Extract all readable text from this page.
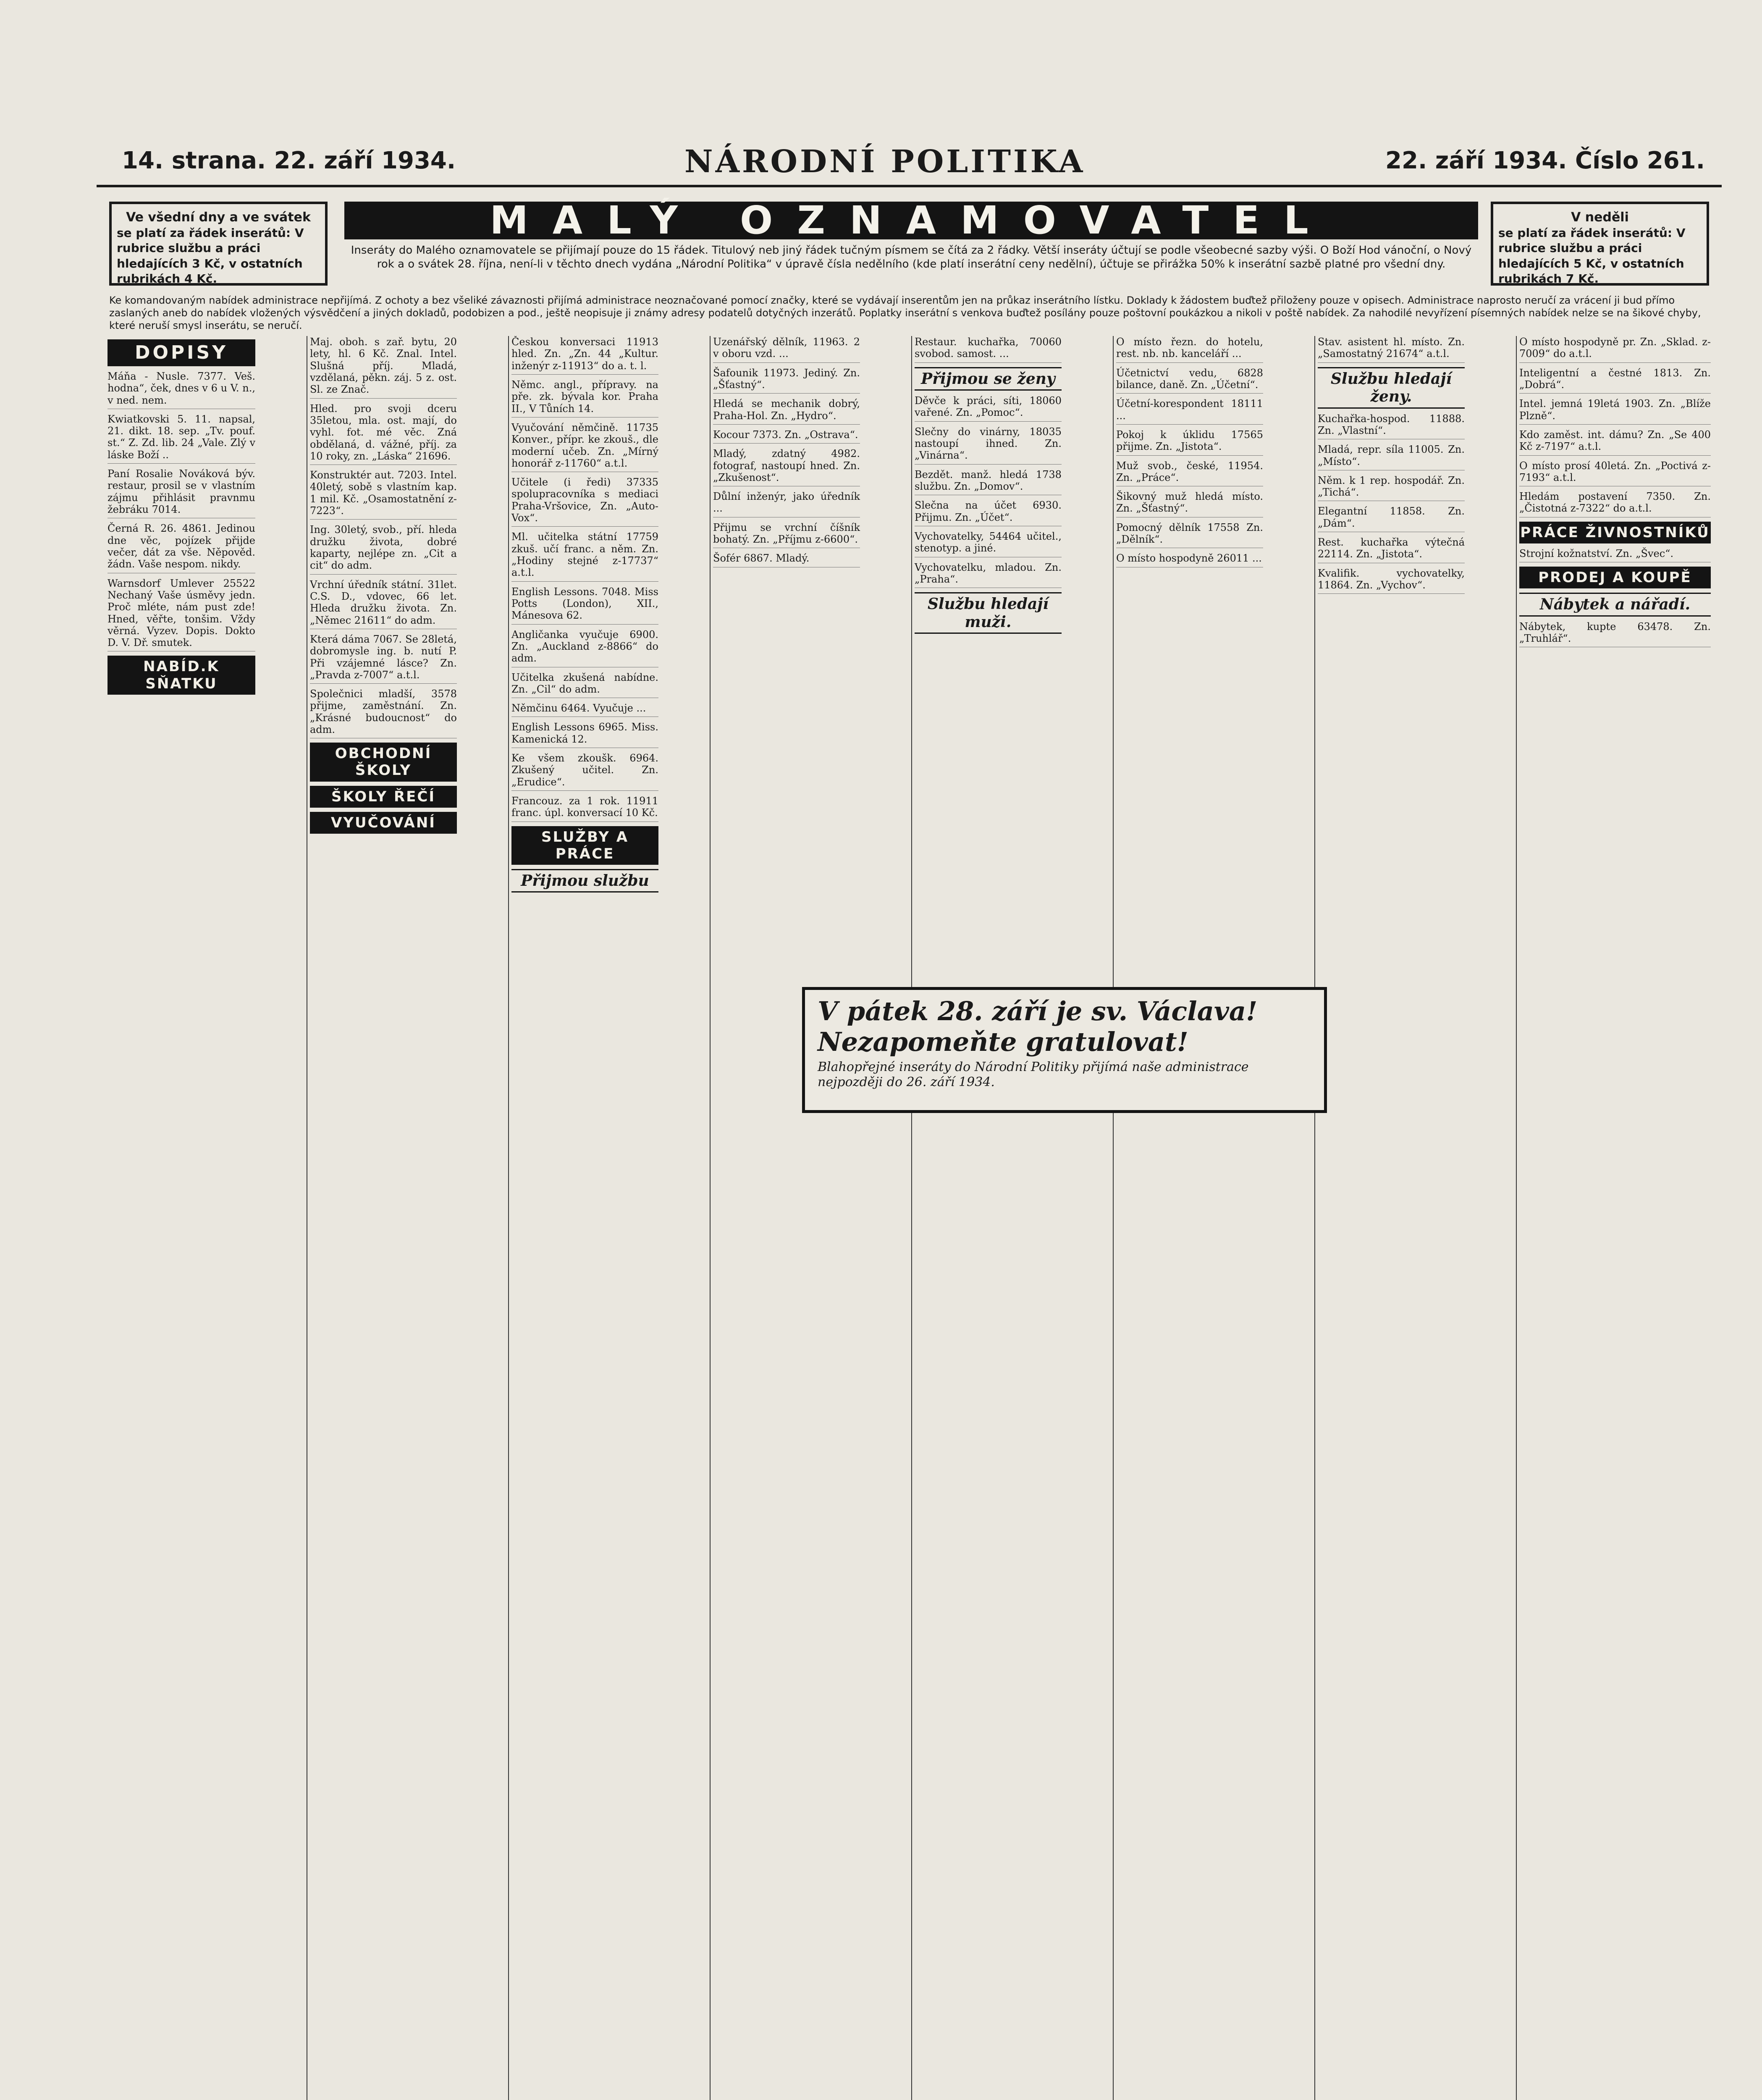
14. strana. 22. září 1934.	NÁRODNÍ POLITIKA	22. září 1934. Číslo 261.
Ve všední dny a ve svátek
se platí za řádek inserátů: V rubrice službu a práci hledajících 3 Kč, v ostatních rubrikách 4 Kč.
MALÝ OZNAMOVATEL
Inseráty do Malého oznamovatele se přijímají pouze do 15 řádek. Titulový neb jiný řádek tučným písmem se čítá za 2 řádky. Větší inseráty účtují se podle všeobecné sazby výši. O Boží Hod vánoční, o Nový rok a o svátek 28. října, není-li v těchto dnech vydána „Národní Politika“ v úpravě čísla nedělního (kde platí inserátní ceny nedělní), účtuje se přirážka 50% k inserátní sazbě platné pro všední dny.
V neděli
se platí za řádek inserátů: V rubrice službu a práci hledajících 5 Kč, v ostatních rubrikách 7 Kč.
Ke komandovaným nabídek administrace nepřijímá. Z ochoty a bez všeliké závaznosti přijímá administrace neoznačované pomocí značky, které se vydávají inserentům jen na průkaz inserátního lístku. Doklady k žádostem buďtež přiloženy pouze v opisech. Administrace naprosto neručí za vrácení ji bud přímo zaslaných aneb do nabídek vložených výsvědčení a jiných dokladů, podobizen a pod., ještě neopisuje ji známy adresy podatelů dotyčných inzerátů. Poplatky inserátní s venkova buďtež posílány pouze poštovní poukázkou a nikoli v poště nabídek. Za nahodilé nevyřízení písemných nabídek nelze se na šikové chyby, které neruší smysl inserátu, se neručí.
DOPISY
Máňa - Nusle. 7377. Veš. hodna“, ček, dnes v 6 u V. n., v ned. nem.
Kwiatkovski 5. 11. napsal, 21. dikt. 18. sep. „Tv. pouf. st.“ Z. Zd. lib. 24 „Vale. Zlý v láske Boží ..
Paní Rosalie Nováková býv. restaur, prosil se v vlastním zájmu přihlásit pravnmu žebráku 7014.
Černá R. 26. 4861. Jedinou dne věc, pojízek přijde večer, dát za vše. Něpověd. žádn. Vaše nespom. nikdy.
Warnsdorf Umlever 25522 Nechaný Vaše úsměvy jedn. Proč mléte, nám pust zde! Hned, věřte, tonšim. Vždy věrná. Vyzev. Dopis. Dokto D. V. Dř. smutek.
NABÍD.K SŇATKU
Maj. oboh. s zař. bytu, 20 lety, hl. 6 Kč. Znal. Intel. Slušná příj. Mladá, vzdělaná, pěkn. záj. 5 z. ost. Sl. ze Znač.
Hled. pro svoji dceru 35letou, mla. ost. mají, do vyhl. fot. mé věc. Zná obdělaná, d. vážné, příj. za 10 roky, zn. „Láska“ 21696.
Konstruktér aut. 7203. Intel. 40letý, sobě s vlastním kap. 1 mil. Kč. „Osamostatnění z-7223“.
Ing. 30letý, svob., pří. hleda družku života, dobré kaparty, nejlépe zn. „Cit a cit“ do adm.
Vrchní úředník státní. 31let. C.S. D., vdovec, 66 let. Hleda družku života. Zn. „Němec 21611“ do adm.
Která dáma 7067. Se 28letá, dobromysle ing. b. nutí P. Při vzájemné lásce? Zn. „Pravda z-7007“ a.t.l.
Společnici mladší, 3578 přijme, zaměstnání. Zn. „Krásné budoucnost“ do adm.
OBCHODNÍ ŠKOLY
ŠKOLY ŘEČÍ
VYUČOVÁNÍ
Českou konversaci 11913 hled. Zn. „Zn. 44 „Kultur. inženýr z-11913“ do a. t. l.
Němc. angl., přípravy. na pře. zk. bývala kor. Praha II., V Tůních 14.
Vyučování němčině. 11735 Konver., přípr. ke zkouš., dle moderní učeb. Zn. „Mírný honorář z-11760“ a.t.l.
Učitele (i ředi) 37335 spolupracovníka s mediaci Praha-Vršovice, Zn. „Auto-Vox“.
Ml. učitelka státní 17759 zkuš. učí franc. a něm. Zn. „Hodiny stejné z-17737“ a.t.l.
English Lessons. 7048. Miss Potts (London), XII., Mánesova 62.
Angličanka vyučuje 6900. Zn. „Auckland z-8866“ do adm.
Učitelka zkušená nabídne. Zn. „Cil“ do adm.
Němčinu 6464. Vyučuje ...
English Lessons 6965. Miss. Kamenická 12.
Ke všem zkoušk. 6964. Zkušený učitel. Zn. „Erudice“.
Francouz. za 1 rok. 11911 franc. úpl. konversací 10 Kč.
SLUŽBY A PRÁCE
Přijmou službu
Uzenářský dělník, 11963. 2 v oboru vzd. ...
Šafounik 11973. Jediný. Zn. „Šťastný“.
Hledá se mechanik dobrý, Praha-Hol. Zn. „Hydro“.
Kocour 7373. Zn. „Ostrava“.
Mladý, zdatný 4982. fotograf, nastoupí hned. Zn. „Zkušenost“.
Důlní inženýr, jako úředník ...
Přijmu se vrchní číšník bohatý. Zn. „Příjmu z-6600“.
Šofér 6867. Mladý.
Restaur. kuchařka, 70060 svobod. samost. ...
Přijmou se ženy
Děvče k práci, síti, 18060 vařené. Zn. „Pomoc“.
Slečny do vinárny, 18035 nastoupí ihned. Zn. „Vinárna“.
Bezdět. manž. hledá 1738 službu. Zn. „Domov“.
Slečna na účet 6930. Přijmu. Zn. „Účet“.
Vychovatelky, 54464 učitel., stenotyp. a jiné.
Vychovatelku, mladou. Zn. „Praha“.
Službu hledají muži.
O místo řezn. do hotelu, rest. nb. nb. kanceláří ...
Účetnictví vedu, 6828 bilance, daně. Zn. „Účetní“.
Účetní-korespondent 18111 ...
Pokoj k úklidu 17565 přijme. Zn. „Jistota“.
Muž svob., české, 11954. Zn. „Práce“.
Šikovný muž hledá místo. Zn. „Šťastný“.
Pomocný dělník 17558 Zn. „Dělník“.
O místo hospodyně 26011 ...
Stav. asistent hl. místo. Zn. „Samostatný 21674“ a.t.l.
Službu hledají ženy.
Kuchařka-hospod. 11888. Zn. „Vlastní“.
Mladá, repr. síla 11005. Zn. „Místo“.
Něm. k 1 rep. hospodář. Zn. „Tichá“.
Elegantní 11858. Zn. „Dám“.
Rest. kuchařka výtečná 22114. Zn. „Jistota“.
Kvalifik. vychovatelky, 11864. Zn. „Vychov“.
O místo hospodyně pr. Zn. „Sklad. z-7009“ do a.t.l.
Inteligentní a čestné 1813. Zn. „Dobrá“.
Intel. jemná 19letá 1903. Zn. „Blíže Plzně“.
Kdo zaměst. int. dámu? Zn. „Se 400 Kč z-7197“ a.t.l.
O místo prosí 40letá. Zn. „Poctivá z-7193“ a.t.l.
Hledám postavení 7350. Zn. „Čistotná z-7322“ do a.t.l.
PRÁCE ŽIVNOSTNÍKŮ
Strojní kožnatství. Zn. „Švec“.
PRODEJ A KOUPĚ
Nábytek a nářadí.
Nábytek, kupte 63478. Zn. „Truhlář“.
V pátek 28. září je sv. Václava!
Nezapomeňte gratulovat!
Blahopřejné inseráty do Národní Politiky přijímá naše administrace nejpozději do 26. září 1934.
